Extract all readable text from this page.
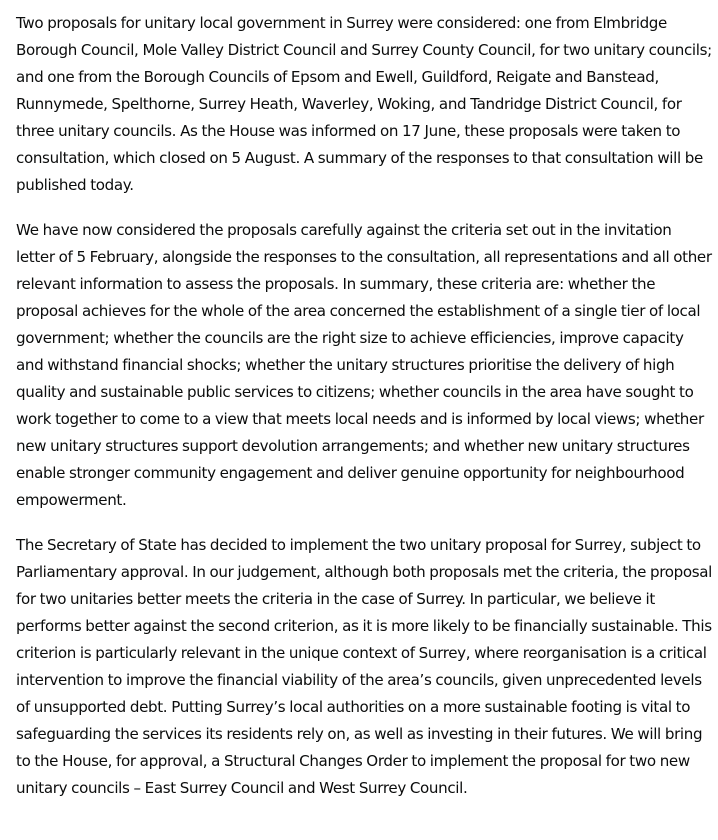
Two proposals for unitary local government in Surrey were considered: one from Elmbridge Borough Council, Mole Valley District Council and Surrey County Council, for two unitary councils; and one from the Borough Councils of Epsom and Ewell, Guildford, Reigate and Banstead, Runnymede, Spelthorne, Surrey Heath, Waverley, Woking, and Tandridge District Council, for three unitary councils. As the House was informed on 17 June, these proposals were taken to consultation, which closed on 5 August. A summary of the responses to that consultation will be published today.

We have now considered the proposals carefully against the criteria set out in the invitation letter of 5 February, alongside the responses to the consultation, all representations and all other relevant information to assess the proposals. In summary, these criteria are: whether the proposal achieves for the whole of the area concerned the establishment of a single tier of local government; whether the councils are the right size to achieve efficiencies, improve capacity and withstand financial shocks; whether the unitary structures prioritise the delivery of high quality and sustainable public services to citizens; whether councils in the area have sought to work together to come to a view that meets local needs and is informed by local views; whether new unitary structures support devolution arrangements; and whether new unitary structures enable stronger community engagement and deliver genuine opportunity for neighbourhood empowerment.

The Secretary of State has decided to implement the two unitary proposal for Surrey, subject to Parliamentary approval. In our judgement, although both proposals met the criteria, the proposal for two unitaries better meets the criteria in the case of Surrey. In particular, we believe it performs better against the second criterion, as it is more likely to be financially sustainable. This criterion is particularly relevant in the unique context of Surrey, where reorganisation is a critical intervention to improve the financial viability of the area’s councils, given unprecedented levels of unsupported debt. Putting Surrey’s local authorities on a more sustainable footing is vital to safeguarding the services its residents rely on, as well as investing in their futures. We will bring to the House, for approval, a Structural Changes Order to implement the proposal for two new unitary councils – East Surrey Council and West Surrey Council.
